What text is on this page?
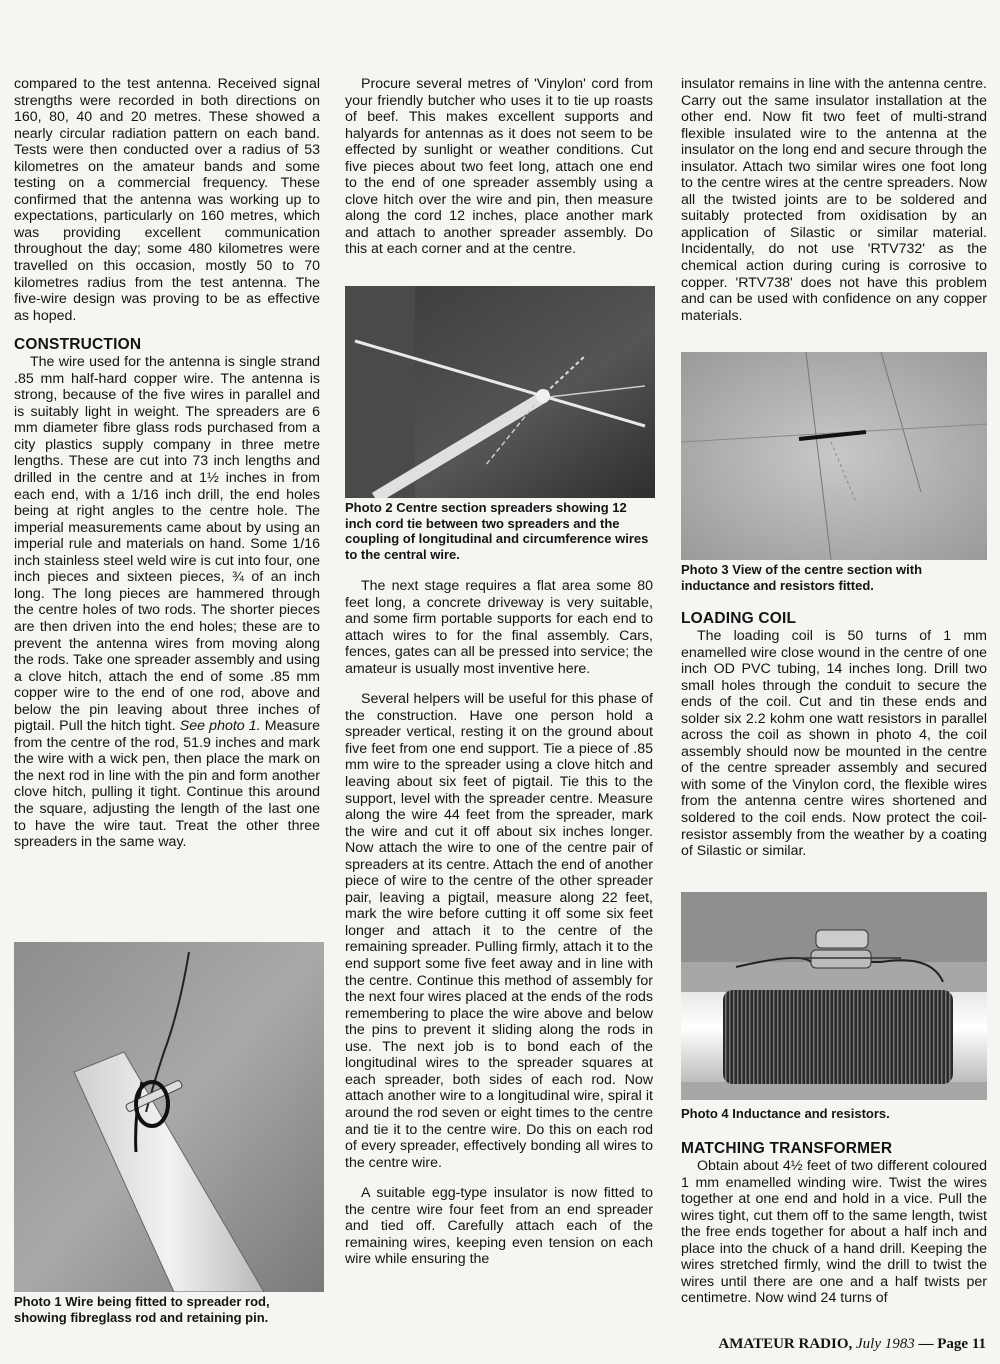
compared to the test antenna. Received signal strengths were recorded in both directions on 160, 80, 40 and 20 metres. These showed a nearly circular radiation pattern on each band. Tests were then conducted over a radius of 53 kilometres on the amateur bands and some testing on a commercial frequency. These confirmed that the antenna was working up to expectations, particularly on 160 metres, which was providing excellent communication throughout the day; some 480 kilometres were travelled on this occasion, mostly 50 to 70 kilometres radius from the test antenna. The five-wire design was proving to be as effective as hoped.

CONSTRUCTION

The wire used for the antenna is single strand .85 mm half-hard copper wire. The antenna is strong, because of the five wires in parallel and is suitably light in weight. The spreaders are 6 mm diameter fibre glass rods purchased from a city plastics supply company in three metre lengths. These are cut into 73 inch lengths and drilled in the centre and at 1½ inches in from each end, with a 1/16 inch drill, the end holes being at right angles to the centre hole. The imperial measurements came about by using an imperial rule and materials on hand. Some 1/16 inch stainless steel weld wire is cut into four, one inch pieces and sixteen pieces, ¾ of an inch long. The long pieces are hammered through the centre holes of two rods. The shorter pieces are then driven into the end holes; these are to prevent the antenna wires from moving along the rods. Take one spreader assembly and using a clove hitch, attach the end of some .85 mm copper wire to the end of one rod, above and below the pin leaving about three inches of pigtail. Pull the hitch tight. See photo 1. Measure from the centre of the rod, 51.9 inches and mark the wire with a wick pen, then place the mark on the next rod in line with the pin and form another clove hitch, pulling it tight. Continue this around the square, adjusting the length of the last one to have the wire taut. Treat the other three spreaders in the same way.

Photo 1 Wire being fitted to spreader rod, showing fibreglass rod and retaining pin.

Procure several metres of 'Vinylon' cord from your friendly butcher who uses it to tie up roasts of beef. This makes excellent supports and halyards for antennas as it does not seem to be effected by sunlight or weather conditions. Cut five pieces about two feet long, attach one end to the end of one spreader assembly using a clove hitch over the wire and pin, then measure along the cord 12 inches, place another mark and attach to another spreader assembly. Do this at each corner and at the centre.

Photo 2 Centre section spreaders showing 12 inch cord tie between two spreaders and the coupling of longitudinal and circumference wires to the central wire.

The next stage requires a flat area some 80 feet long, a concrete driveway is very suitable, and some firm portable supports for each end to attach wires to for the final assembly. Cars, fences, gates can all be pressed into service; the amateur is usually most inventive here.

Several helpers will be useful for this phase of the construction. Have one person hold a spreader vertical, resting it on the ground about five feet from one end support. Tie a piece of .85 mm wire to the spreader using a clove hitch and leaving about six feet of pigtail. Tie this to the support, level with the spreader centre. Measure along the wire 44 feet from the spreader, mark the wire and cut it off about six inches longer. Now attach the wire to one of the centre pair of spreaders at its centre. Attach the end of another piece of wire to the centre of the other spreader pair, leaving a pigtail, measure along 22 feet, mark the wire before cutting it off some six feet longer and attach it to the centre of the remaining spreader. Pulling firmly, attach it to the end support some five feet away and in line with the centre. Continue this method of assembly for the next four wires placed at the ends of the rods remembering to place the wire above and below the pins to prevent it sliding along the rods in use. The next job is to bond each of the longitudinal wires to the spreader squares at each spreader, both sides of each rod. Now attach another wire to a longitudinal wire, spiral it around the rod seven or eight times to the centre and tie it to the centre wire. Do this on each rod of every spreader, effectively bonding all wires to the centre wire.

A suitable egg-type insulator is now fitted to the centre wire four feet from an end spreader and tied off. Carefully attach each of the remaining wires, keeping even tension on each wire while ensuring the

insulator remains in line with the antenna centre. Carry out the same insulator installation at the other end. Now fit two feet of multi-strand flexible insulated wire to the antenna at the insulator on the long end and secure through the insulator. Attach two similar wires one foot long to the centre wires at the centre spreaders. Now all the twisted joints are to be soldered and suitably protected from oxidisation by an application of Silastic or similar material. Incidentally, do not use 'RTV732' as the chemical action during curing is corrosive to copper. 'RTV738' does not have this problem and can be used with confidence on any copper materials.

Photo 3 View of the centre section with inductance and resistors fitted.
LOADING COIL

The loading coil is 50 turns of 1 mm enamelled wire close wound in the centre of one inch OD PVC tubing, 14 inches long. Drill two small holes through the conduit to secure the ends of the coil. Cut and tin these ends and solder six 2.2 kohm one watt resistors in parallel across the coil as shown in photo 4, the coil assembly should now be mounted in the centre of the centre spreader assembly and secured with some of the Vinylon cord, the flexible wires from the antenna centre wires shortened and soldered to the coil ends. Now protect the coil-resistor assembly from the weather by a coating of Silastic or similar.

Photo 4 Inductance and resistors.
MATCHING TRANSFORMER

Obtain about 4½ feet of two different coloured 1 mm enamelled winding wire. Twist the wires together at one end and hold in a vice. Pull the wires tight, cut them off to the same length, twist the free ends together for about a half inch and place into the chuck of a hand drill. Keeping the wires stretched firmly, wind the drill to twist the wires until there are one and a half twists per centimetre. Now wind 24 turns of

AMATEUR RADIO, July 1983 — Page 11
